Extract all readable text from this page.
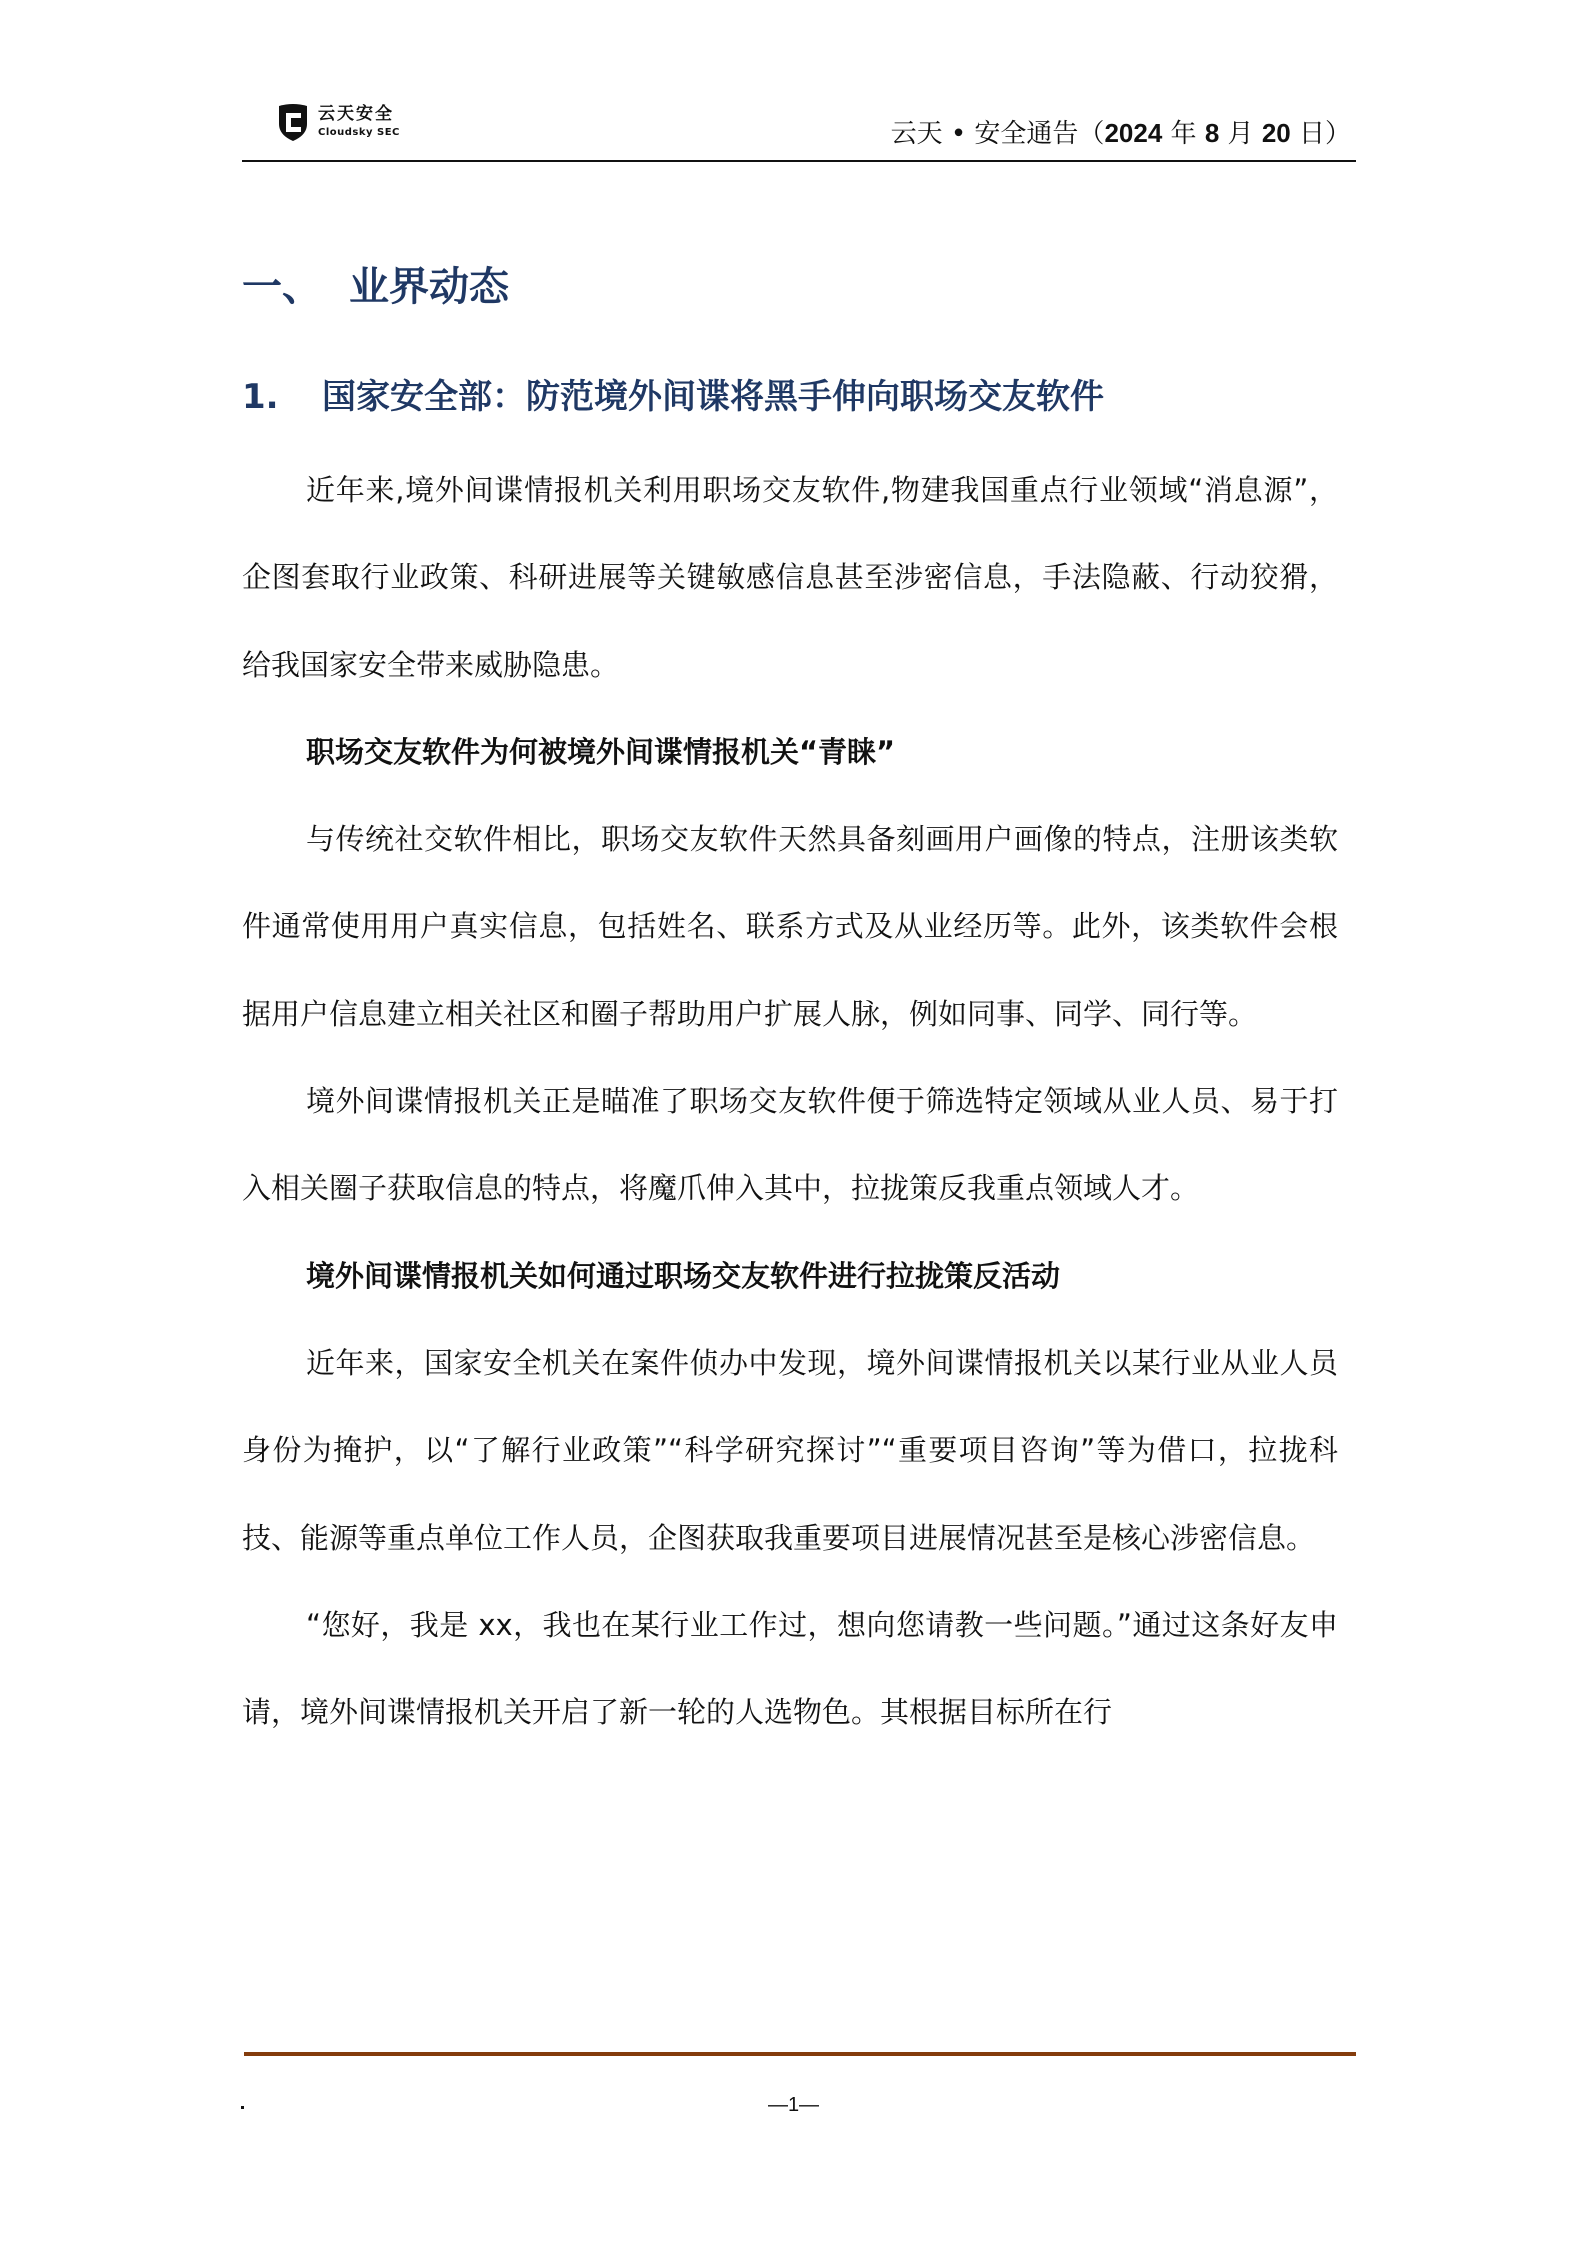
云天安全
Cloudsky SEC	云天 • 安全通告（2024 年 8 月 20 日）
一、 业界动态
1. 国家安全部：防范境外间谍将黑手伸向职场交友软件

近年来,境外间谍情报机关利用职场交友软件,物建我国重点行业领域“消息源”，企图套取行业政策、科研进展等关键敏感信息甚至涉密信息，手法隐蔽、行动狡猾，给我国家安全带来威胁隐患。

职场交友软件为何被境外间谍情报机关“青睐”

与传统社交软件相比，职场交友软件天然具备刻画用户画像的特点，注册该类软件通常使用用户真实信息，包括姓名、联系方式及从业经历等。此外，该类软件会根据用户信息建立相关社区和圈子帮助用户扩展人脉，例如同事、同学、同行等。

境外间谍情报机关正是瞄准了职场交友软件便于筛选特定领域从业人员、易于打入相关圈子获取信息的特点，将魔爪伸入其中，拉拢策反我重点领域人才。

境外间谍情报机关如何通过职场交友软件进行拉拢策反活动

近年来，国家安全机关在案件侦办中发现，境外间谍情报机关以某行业从业人员身份为掩护，以“了解行业政策”“科学研究探讨”“重要项目咨询”等为借口，拉拢科技、能源等重点单位工作人员，企图获取我重要项目进展情况甚至是核心涉密信息。

“您好，我是 xx，我也在某行业工作过，想向您请教一些问题。”通过这条好友申请，境外间谍情报机关开启了新一轮的人选物色。其根据目标所在行

—1—
